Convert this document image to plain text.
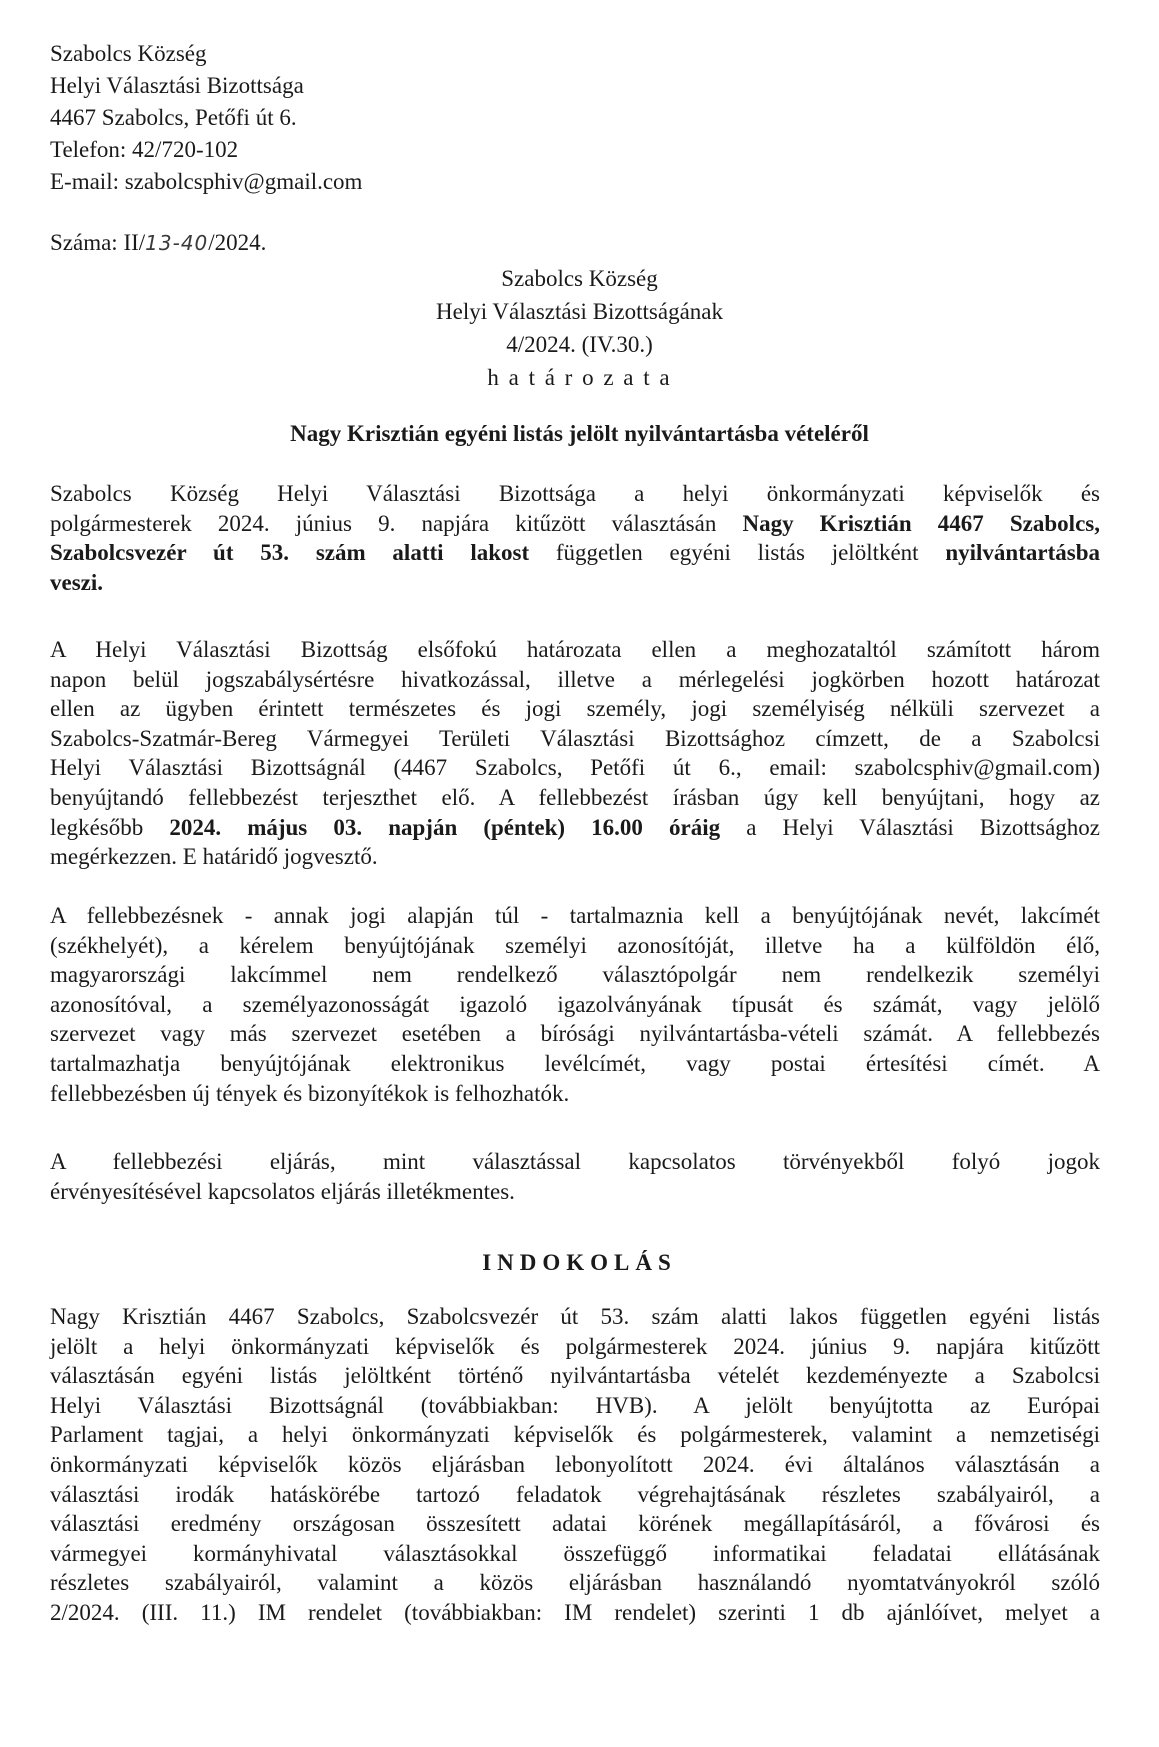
Szabolcs Község
Helyi Választási Bizottsága
4467 Szabolcs, Petőfi út 6.
Telefon: 42/720-102
E-mail: szabolcsphiv@gmail.com
Száma: II/13-40/2024.
Szabolcs Község
Helyi Választási Bizottságának
4/2024. (IV.30.)
h a t á r o z a t a
Nagy Krisztián egyéni listás jelölt nyilvántartásba vételéről
Szabolcs Község Helyi Választási Bizottsága a helyi önkormányzati képviselők és
polgármesterek 2024. június 9. napjára kitűzött választásán Nagy Krisztián 4467 Szabolcs,
Szabolcsvezér út 53. szám alatti lakost független egyéni listás jelöltként nyilvántartásba
veszi.
A Helyi Választási Bizottság elsőfokú határozata ellen a meghozataltól számított három
napon belül jogszabálysértésre hivatkozással, illetve a mérlegelési jogkörben hozott határozat
ellen az ügyben érintett természetes és jogi személy, jogi személyiség nélküli szervezet a
Szabolcs-Szatmár-Bereg Vármegyei Területi Választási Bizottsághoz címzett, de a Szabolcsi
Helyi Választási Bizottságnál (4467 Szabolcs, Petőfi út 6., email: szabolcsphiv@gmail.com)
benyújtandó fellebbezést terjeszthet elő. A fellebbezést írásban úgy kell benyújtani, hogy az
legkésőbb 2024. május 03. napján (péntek) 16.00 óráig a Helyi Választási Bizottsághoz
megérkezzen. E határidő jogvesztő.
A fellebbezésnek - annak jogi alapján túl - tartalmaznia kell a benyújtójának nevét, lakcímét
(székhelyét), a kérelem benyújtójának személyi azonosítóját, illetve ha a külföldön élő,
magyarországi lakcímmel nem rendelkező választópolgár nem rendelkezik személyi
azonosítóval, a személyazonosságát igazoló igazolványának típusát és számát, vagy jelölő
szervezet vagy más szervezet esetében a bírósági nyilvántartásba-vételi számát. A fellebbezés
tartalmazhatja benyújtójának elektronikus levélcímét, vagy postai értesítési címét. A
fellebbezésben új tények és bizonyítékok is felhozhatók.
A fellebbezési eljárás, mint választással kapcsolatos törvényekből folyó jogok
érvényesítésével kapcsolatos eljárás illetékmentes.
INDOKOLÁS
Nagy Krisztián 4467 Szabolcs, Szabolcsvezér út 53. szám alatti lakos független egyéni listás
jelölt a helyi önkormányzati képviselők és polgármesterek 2024. június 9. napjára kitűzött
választásán egyéni listás jelöltként történő nyilvántartásba vételét kezdeményezte a Szabolcsi
Helyi Választási Bizottságnál (továbbiakban: HVB). A jelölt benyújtotta az Európai
Parlament tagjai, a helyi önkormányzati képviselők és polgármesterek, valamint a nemzetiségi
önkormányzati képviselők közös eljárásban lebonyolított 2024. évi általános választásán a
választási irodák hatáskörébe tartozó feladatok végrehajtásának részletes szabályairól, a
választási eredmény országosan összesített adatai körének megállapításáról, a fővárosi és
vármegyei kormányhivatal választásokkal összefüggő informatikai feladatai ellátásának
részletes szabályairól, valamint a közös eljárásban használandó nyomtatványokról szóló
2/2024. (III. 11.) IM rendelet (továbbiakban: IM rendelet) szerinti 1 db ajánlóívet, melyet a
